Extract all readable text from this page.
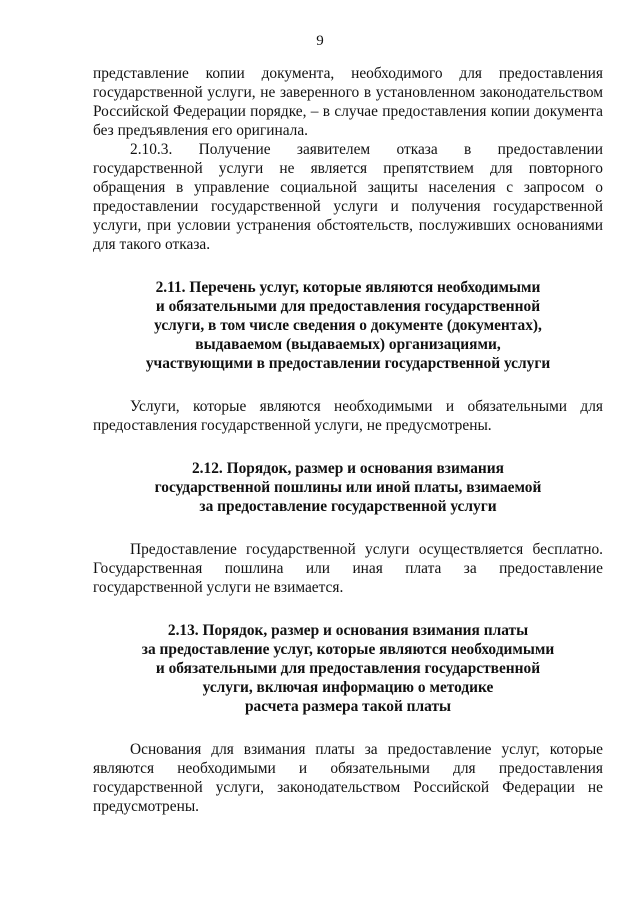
9

представление копии документа, необходимого для предоставления государственной услуги, не заверенного в установленном законодательством Российской Федерации порядке, – в случае предоставления копии документа без предъявления его оригинала.

2.10.3. Получение заявителем отказа в предоставлении государственной услуги не является препятствием для повторного обращения в управление социальной защиты населения с запросом о предоставлении государственной услуги и получения государственной услуги, при условии устранения обстоятельств, послуживших основаниями для такого отказа.

2.11. Перечень услуг, которые являются необходимыми
и обязательными для предоставления государственной
услуги, в том числе сведения о документе (документах),
выдаваемом (выдаваемых) организациями,
участвующими в предоставлении государственной услуги

Услуги, которые являются необходимыми и обязательными для предоставления государственной услуги, не предусмотрены.

2.12. Порядок, размер и основания взимания
государственной пошлины или иной платы, взимаемой
за предоставление государственной услуги

Предоставление государственной услуги осуществляется бесплатно. Государственная пошлина или иная плата за предоставление государственной услуги не взимается.

2.13. Порядок, размер и основания взимания платы
за предоставление услуг, которые являются необходимыми
и обязательными для предоставления государственной
услуги, включая информацию о методике
расчета размера такой платы

Основания для взимания платы за предоставление услуг, которые являются необходимыми и обязательными для предоставления государственной услуги, законодательством Российской Федерации не предусмотрены.
